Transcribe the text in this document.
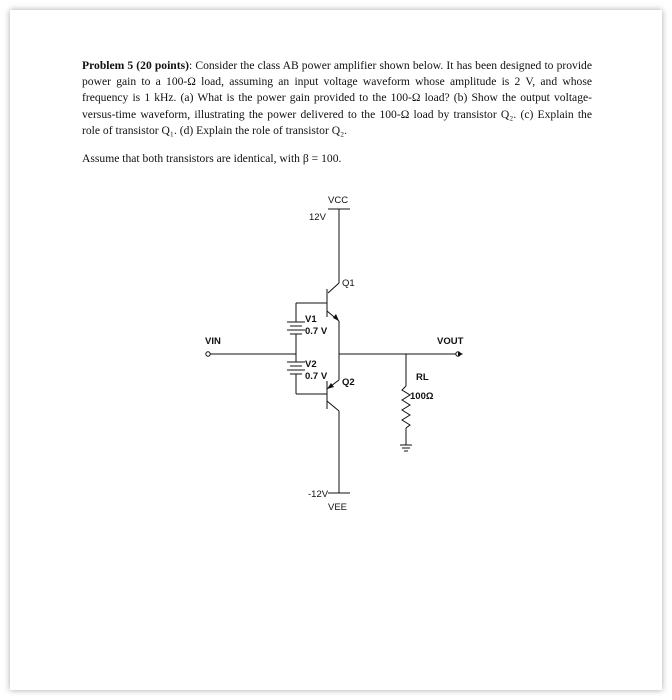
Problem 5 (20 points): Consider the class AB power amplifier shown below. It has been designed to provide power gain to a 100-Ω load, assuming an input voltage waveform whose amplitude is 2 V, and whose frequency is 1 kHz. (a) What is the power gain provided to the 100-Ω load? (b) Show the output voltage-versus-time waveform, illustrating the power delivered to the 100-Ω load by transistor Q₂. (c) Explain the role of transistor Q₁. (d) Explain the role of transistor Q₂.
Assume that both transistors are identical, with β = 100.
VCC
12V
Q1
V1
0.7 V
VIN	VOUT
V2
0.7 V
Q2	RL
100Ω
-12V
VEE
